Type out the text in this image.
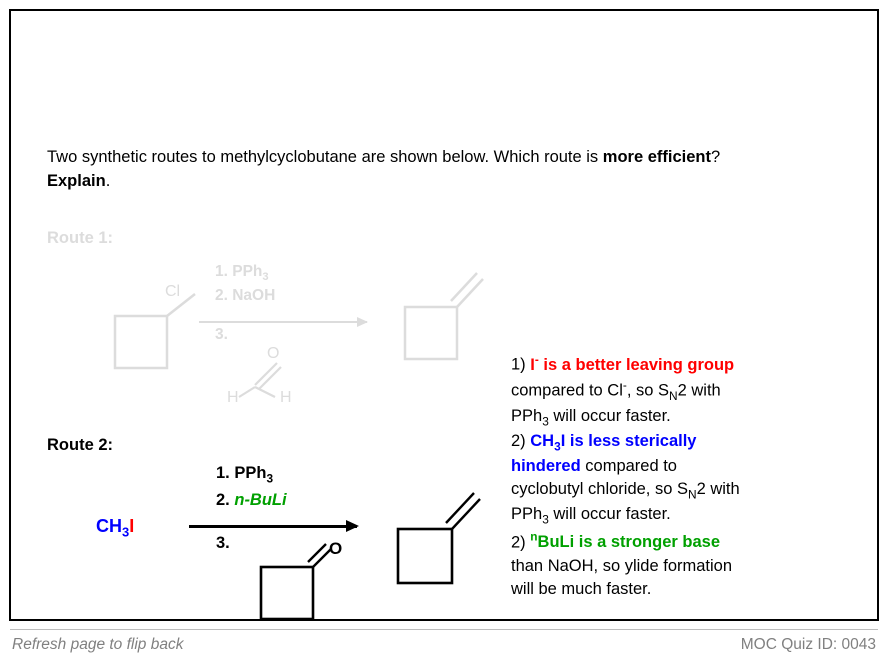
Two synthetic routes to methylcyclobutane are shown below. Which route is more efficient? Explain.
Route 1:
Cl
1. PPh$_3$
2. NaOH
3.
O
H	H
Route 2:
$CH_3I$
1. PPh$_3$
2. n-BuLi
3.	O

1) I- is a better leaving group
compared to Cl-, so $S_N2$ with
PPh$_3$ will occur faster.

2) $CH_3I$ is less sterically
hindered compared to
cyclobutyl chloride, so $S_N2$ with
PPh$_3$ will occur faster.

2) $^n$BuLi is a stronger base
than NaOH, so ylide formation
will be much faster.

Refresh page to flip back	MOC Quiz ID: 0043
